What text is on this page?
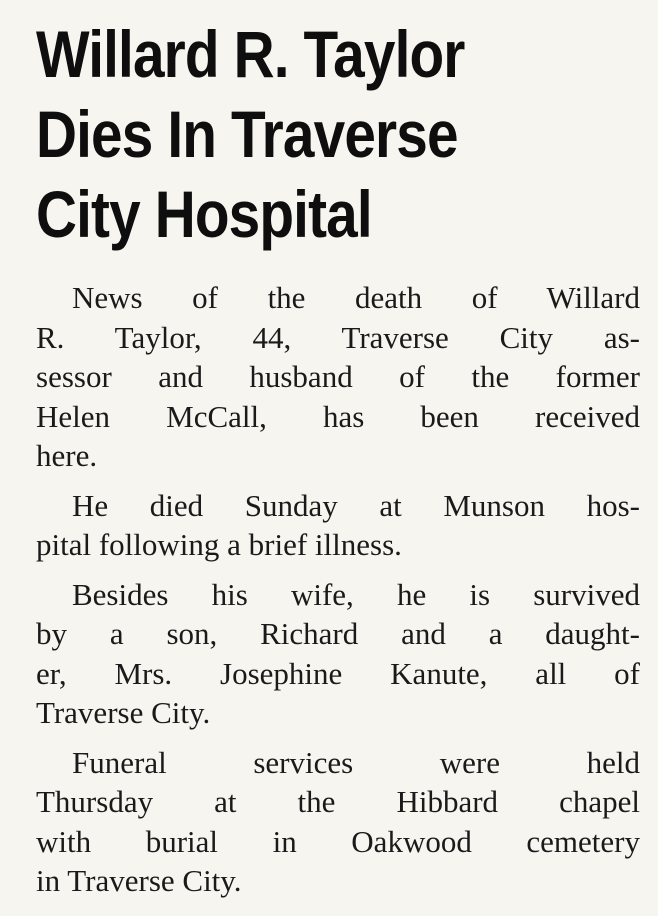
Willard R. Taylor
Dies In Traverse
City Hospital

News of the death of Willard
R. Taylor, 44, Traverse City as-
sessor and husband of the former
Helen McCall, has been received
here.

He died Sunday at Munson hos-
pital following a brief illness.

Besides his wife, he is survived
by a son, Richard and a daught-
er, Mrs. Josephine Kanute, all of
Traverse City.

Funeral services were held
Thursday at the Hibbard chapel
with burial in Oakwood cemetery
in Traverse City.
